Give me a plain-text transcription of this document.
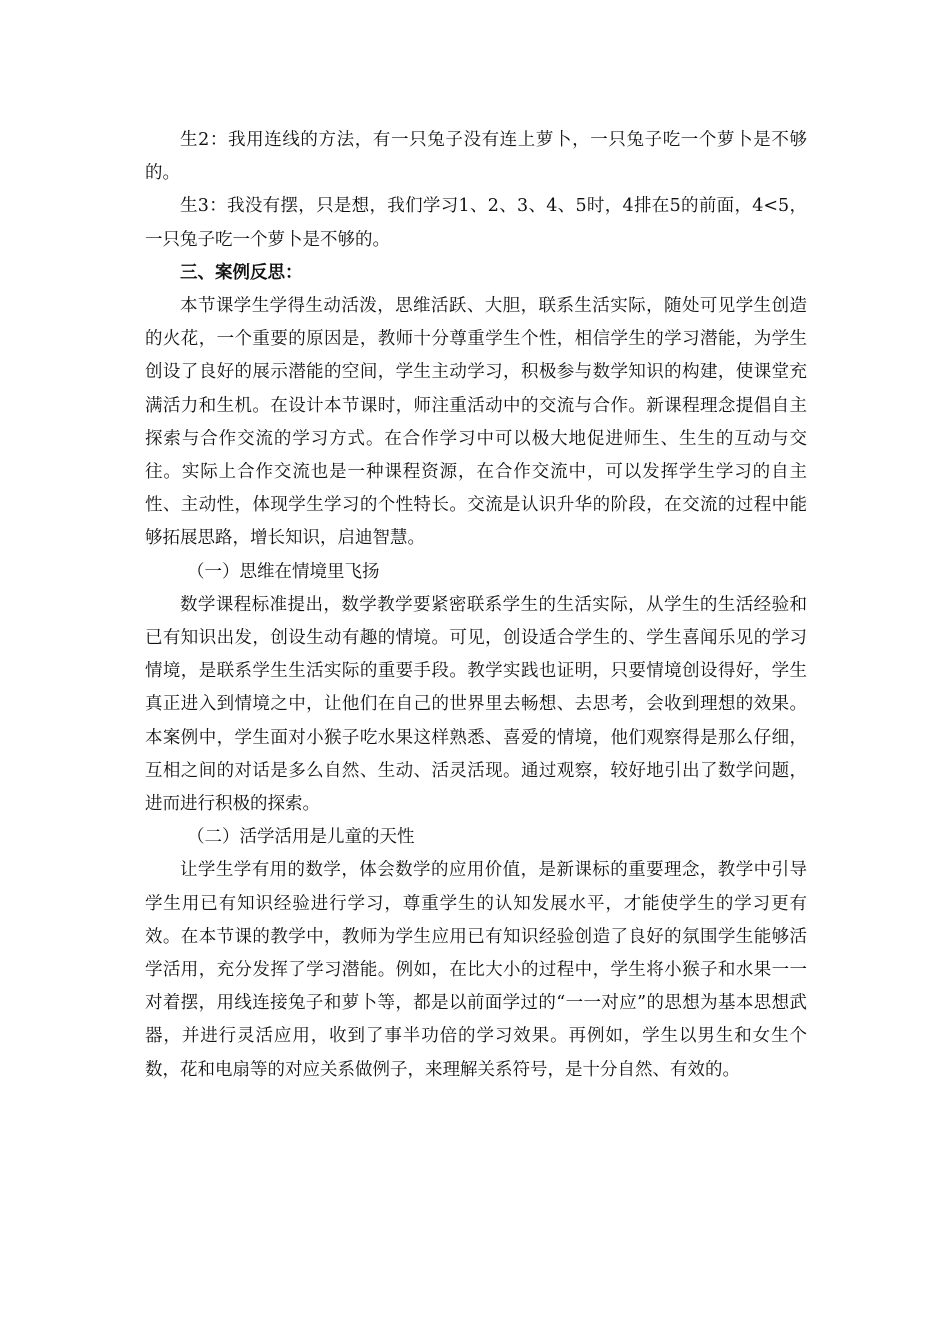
生2：我用连线的方法，有一只兔子没有连上萝卜，一只兔子吃一个萝卜是不够的。

生3：我没有摆，只是想，我们学习1、2、3、4、5时，4排在5的前面，4<5，一只兔子吃一个萝卜是不够的。

三、案例反思：

本节课学生学得生动活泼，思维活跃、大胆，联系生活实际，随处可见学生创造的火花，一个重要的原因是，教师十分尊重学生个性，相信学生的学习潜能，为学生创设了良好的展示潜能的空间，学生主动学习，积极参与数学知识的构建，使课堂充满活力和生机。在设计本节课时，师注重活动中的交流与合作。新课程理念提倡自主探索与合作交流的学习方式。在合作学习中可以极大地促进师生、生生的互动与交往。实际上合作交流也是一种课程资源，在合作交流中，可以发挥学生学习的自主性、主动性，体现学生学习的个性特长。交流是认识升华的阶段，在交流的过程中能够拓展思路，增长知识，启迪智慧。

（一）思维在情境里飞扬

数学课程标准提出，数学教学要紧密联系学生的生活实际，从学生的生活经验和已有知识出发，创设生动有趣的情境。可见，创设适合学生的、学生喜闻乐见的学习情境，是联系学生生活实际的重要手段。教学实践也证明，只要情境创设得好，学生真正进入到情境之中，让他们在自己的世界里去畅想、去思考，会收到理想的效果。本案例中，学生面对小猴子吃水果这样熟悉、喜爱的情境，他们观察得是那么仔细，互相之间的对话是多么自然、生动、活灵活现。通过观察，较好地引出了数学问题，进而进行积极的探索。

（二）活学活用是儿童的天性

让学生学有用的数学，体会数学的应用价值，是新课标的重要理念，教学中引导学生用已有知识经验进行学习，尊重学生的认知发展水平，才能使学生的学习更有效。在本节课的教学中，教师为学生应用已有知识经验创造了良好的氛围学生能够活学活用，充分发挥了学习潜能。例如，在比大小的过程中，学生将小猴子和水果一一对着摆，用线连接兔子和萝卜等，都是以前面学过的“一一对应”的思想为基本思想武器，并进行灵活应用，收到了事半功倍的学习效果。再例如，学生以男生和女生个数，花和电扇等的对应关系做例子，来理解关系符号，是十分自然、有效的。
